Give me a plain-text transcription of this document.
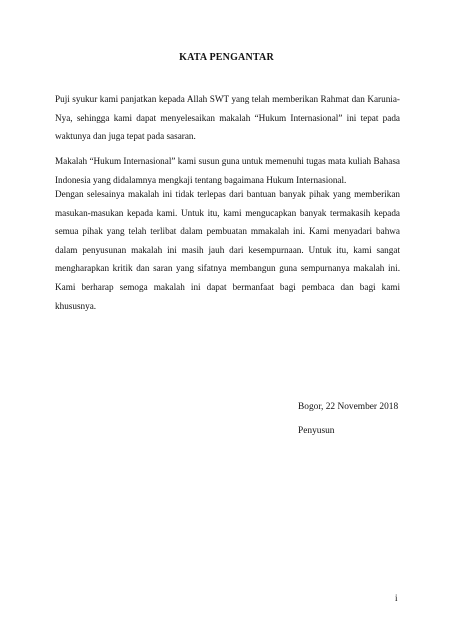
KATA PENGANTAR

Puji syukur kami panjatkan kepada Allah SWT yang telah memberikan Rahmat dan Karunia-Nya, sehingga kami dapat menyelesaikan makalah “Hukum Internasional” ini tepat pada waktunya dan juga tepat pada sasaran.

Makalah “Hukum Internasional” kami susun guna untuk memenuhi tugas mata kuliah Bahasa Indonesia yang didalamnya mengkaji tentang bagaimana Hukum Internasional.

Dengan selesainya makalah ini tidak terlepas dari bantuan banyak pihak yang memberikan masukan-masukan kepada kami. Untuk itu, kami mengucapkan banyak termakasih kepada semua pihak yang telah terlibat dalam pembuatan mmakalah ini. Kami menyadari bahwa dalam penyusunan makalah ini masih jauh dari kesempurnaan. Untuk itu, kami sangat mengharapkan kritik dan saran yang sifatnya membangun guna sempurnanya makalah ini. Kami berharap semoga makalah ini dapat bermanfaat bagi pembaca dan bagi kami khususnya.

Bogor, 22 November 2018
Penyusun
i
